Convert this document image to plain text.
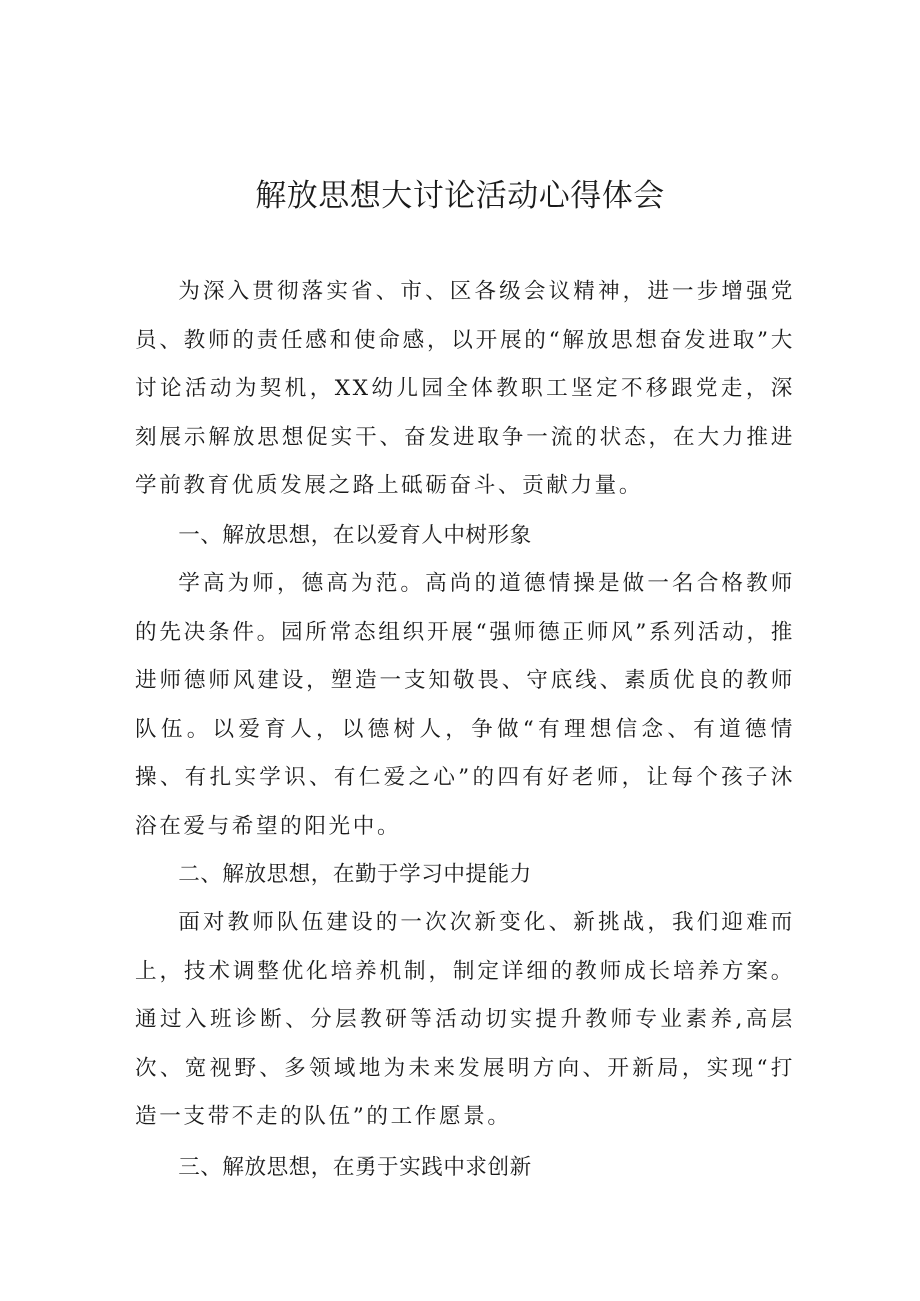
解放思想大讨论活动心得体会

为深入贯彻落实省、市、区各级会议精神，进一步增强党员、教师的责任感和使命感，以开展的“解放思想奋发进取”大讨论活动为契机，XX幼儿园全体教职工坚定不移跟党走，深刻展示解放思想促实干、奋发进取争一流的状态，在大力推进学前教育优质发展之路上砥砺奋斗、贡献力量。

一、解放思想，在以爱育人中树形象

学高为师，德高为范。高尚的道德情操是做一名合格教师的先决条件。园所常态组织开展“强师德正师风”系列活动，推进师德师风建设，塑造一支知敬畏、守底线、素质优良的教师队伍。以爱育人，以德树人，争做“有理想信念、有道德情操、有扎实学识、有仁爱之心”的四有好老师，让每个孩子沐浴在爱与希望的阳光中。

二、解放思想，在勤于学习中提能力

面对教师队伍建设的一次次新变化、新挑战，我们迎难而上，技术调整优化培养机制，制定详细的教师成长培养方案。通过入班诊断、分层教研等活动切实提升教师专业素养,高层次、宽视野、多领域地为未来发展明方向、开新局，实现“打造一支带不走的队伍”的工作愿景。

三、解放思想，在勇于实践中求创新
